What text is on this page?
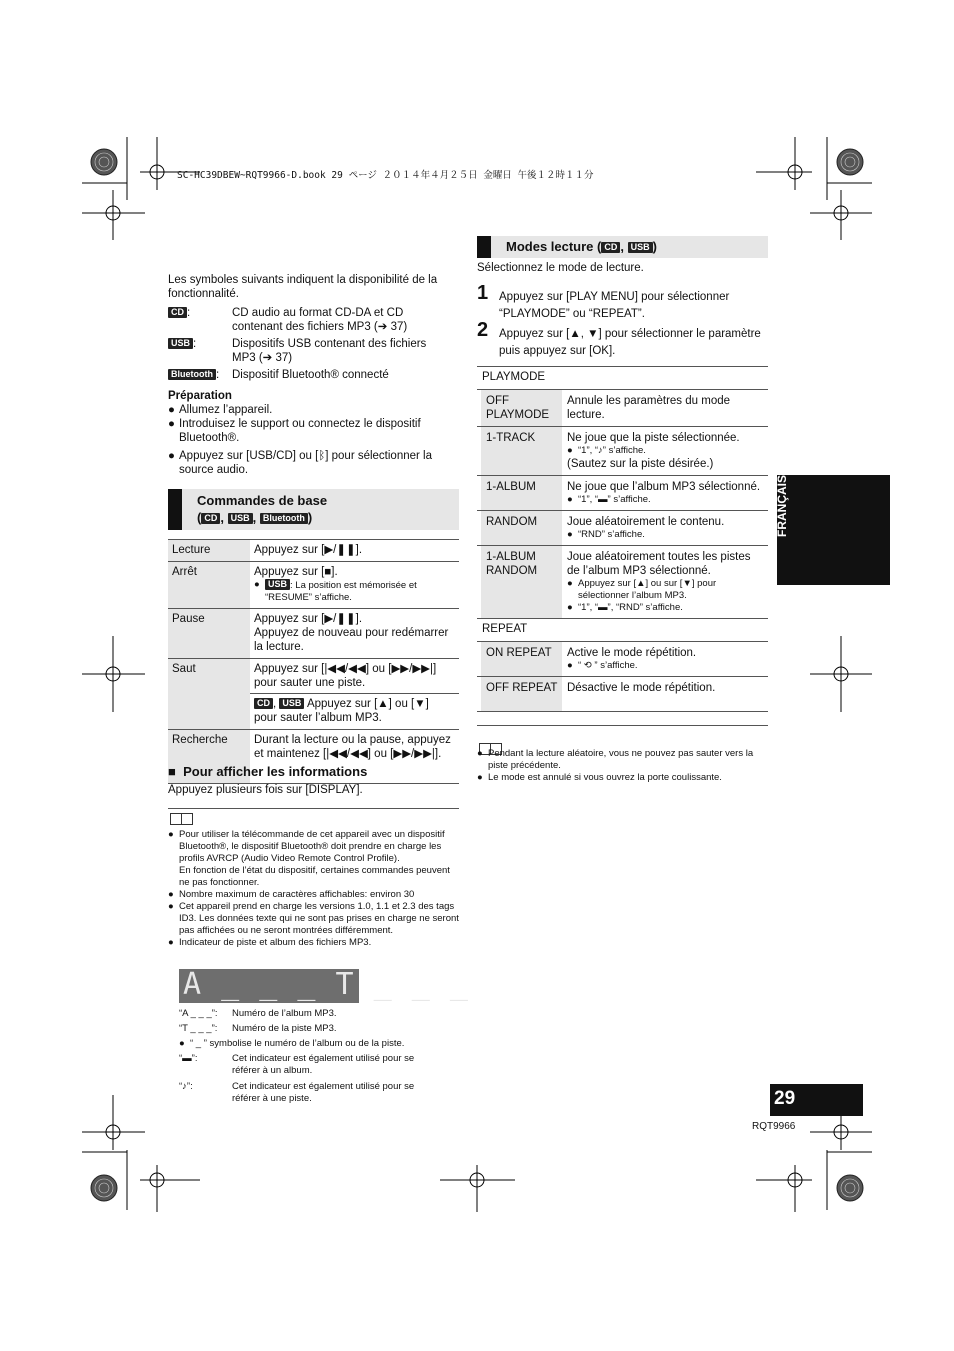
SC-HC39DBEW~RQT9966-D.book 29 ページ ２０１４年４月２５日 金曜日 午後１２時１１分
Les symboles suivants indiquent la disponibilité de la fonctionnalité.
CD :	CD audio au format CD-DA et CD contenant des fichiers MP3 (➔ 37)
USB :	Dispositifs USB contenant des fichiers MP3 (➔ 37)
Bluetooth :	Dispositif Bluetooth® connecté
Préparation
● Allumez l’appareil.
● Introduisez le support ou connectez le dispositif Bluetooth®.
● Appuyez sur [USB/CD] ou [ᛒ] pour sélectionner la source audio.
Commandes de base
( CD , USB , Bluetooth )
Lecture	Appuyez sur [▶/❚❚].
Arrêt	Appuyez sur [■].
● USB : La position est mémorisée et “RESUME” s’affiche.

Pause	Appuyez sur [▶/❚❚].
Appuyez de nouveau pour redémarrer la lecture.

Saut	Appuyez sur [|◀◀/◀◀] ou [▶▶/▶▶|] pour sauter une piste.
CD , USB Appuyez sur [▲] ou [▼] pour sauter l’album MP3.

Recherche	Durant la lecture ou la pause, appuyez et maintenez [|◀◀/◀◀] ou [▶▶/▶▶|].
■ Pour afficher les informations
Appuyez plusieurs fois sur [DISPLAY].
● Pour utiliser la télécommande de cet appareil avec un dispositif Bluetooth®, le dispositif Bluetooth® doit prendre en charge les profils AVRCP (Audio Video Remote Control Profile).
En fonction de l’état du dispositif, certaines commandes peuvent ne pas fonctionner.
● Nombre maximum de caractères affichables: environ 30
● Cet appareil prend en charge les versions 1.0, 1.1 et 2.3 des tags ID3. Les données texte qui ne sont pas prises en charge ne seront pas affichées ou ne seront montrées différemment.
● Indicateur de piste et album des fichiers MP3.
A _ _ _ T _ _ _
“A _ _ _”:	Numéro de l’album MP3.
“T _ _ _”:	Numéro de la piste MP3.
● “ _ ” symbolise le numéro de l’album ou de la piste.
“▬”:	Cet indicateur est également utilisé pour se référer à un album.
“♪”:	Cet indicateur est également utilisé pour se référer à une piste.
Modes lecture ( CD , USB )
Sélectionnez le mode de lecture.
1 Appuyez sur [PLAY MENU] pour sélectionner “PLAYMODE” ou “REPEAT”.
2 Appuyez sur [▲, ▼] pour sélectionner le paramètre puis appuyez sur [OK].
PLAYMODE		
	OFF PLAYMODE	Annule les paramètres du mode lecture.
	1-TRACK	Ne joue que la piste sélectionnée.
● “1”, “♪” s’affiche.
(Sautez sur la piste désirée.)

	1-ALBUM	Ne joue que l’album MP3 sélectionné.
● “1”, “▬” s’affiche.

	RANDOM	Joue aléatoirement le contenu.
● “RND” s’affiche.

	1-ALBUM RANDOM	Joue aléatoirement toutes les pistes de l’album MP3 sélectionné.
● Appuyez sur [▲] ou sur [▼] pour sélectionner l’album MP3.
● “1”, “▬”, “RND” s’affiche.

REPEAT		
	ON REPEAT	Active le mode répétition.
● “ ⟲ ” s’affiche.

	OFF REPEAT	Désactive le mode répétition.
● Pendant la lecture aléatoire, vous ne pouvez pas sauter vers la piste précédente.
● Le mode est annulé si vous ouvrez la porte coulissante.
FRANÇAIS
29
RQT9966
